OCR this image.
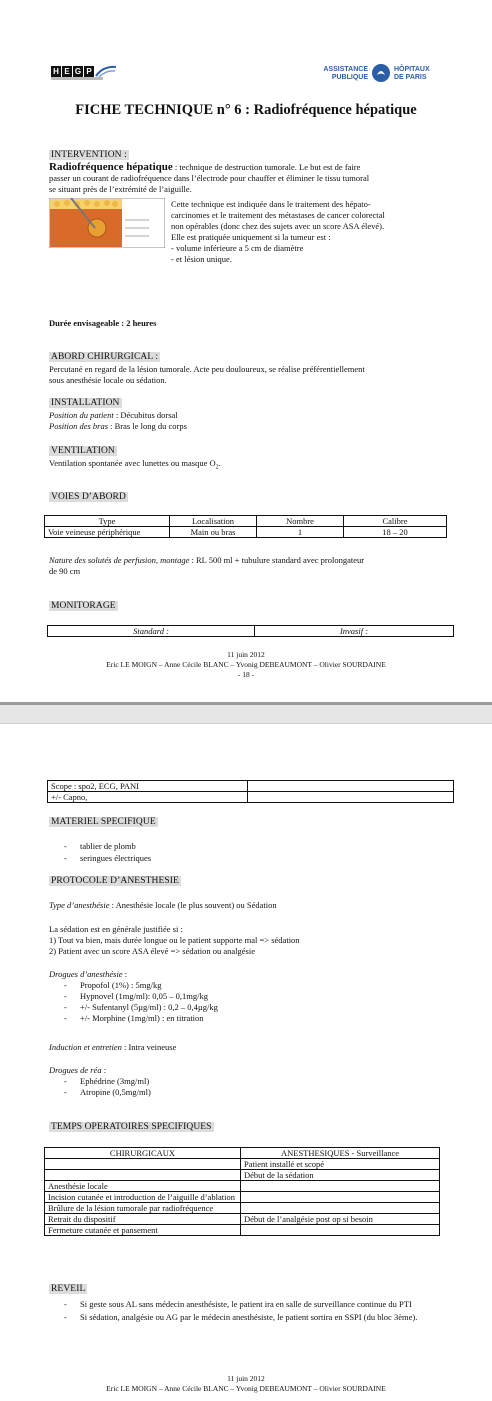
H E G P	ASSISTANCE
PUBLIQUE
HÔPITAUX
DE PARIS
FICHE TECHNIQUE n° 6 : Radiofréquence hépatique
INTERVENTION :
Radiofréquence hépatique : technique de destruction tumorale. Le but est de faire
passer un courant de radiofréquence dans l’électrode pour chauffer et éliminer le tissu tumoral
se situant près de l’extrémité de l’aiguille.
Cette technique est indiquée dans le traitement des hépato-
carcinomes et le traitement des métastases de cancer colorectal
non opérables (donc chez des sujets avec un score ASA élevé).
Elle est pratiquée uniquement si la tumeur est :
- volume inférieure a 5 cm de diamètre
- et lésion unique.
Durée envisageable : 2 heures
ABORD CHIRURGICAL :
Percutané en regard de la lésion tumorale. Acte peu douloureux, se réalise préférentiellement
sous anesthésie locale ou sédation.
INSTALLATION
Position du patient : Décubitus dorsal
Position des bras : Bras le long du corps
VENTILATION
Ventilation spontanée avec lunettes ou masque $O_2$.
VOIES D’ABORD
Type	Localisation	Nombre	Calibre
Voie veineuse périphérique	Main ou bras	1	18 – 20
Nature des solutés de perfusion, montage : RL 500 ml + tubulure standard avec prolongateur
de 90 cm
MONITORAGE
Standard :	Invasif :
11 juin 2012
Eric LE MOIGN – Anne Cécile BLANC – Yvonig DEBEAUMONT – Olivier SOURDAINE
- 18 -
Scope : spo2, ECG, PANI	
+/- Capno,	
MATERIEL SPECIFIQUE
- tablier de plomb
- seringues électriques
PROTOCOLE D’ANESTHESIE
Type d’anesthésie : Anesthésie locale (le plus souvent) ou Sédation
La sédation est en générale justifiée si :
1) Tout va bien, mais durée longue ou le patient supporte mal => sédation
2) Patient avec un score ASA élevé => sédation ou analgésie
Drogues d’anesthésie :
- Propofol (1%) : 5mg/kg
- Hypnovel (1mg/ml): 0,05 – 0,1mg/kg
- +/- Sufentanyl (5µg/ml) : 0,2 – 0,4µg/kg
- +/- Morphine (1mg/ml) : en titration
Induction et entretien : Intra veineuse
Drogues de réa :
- Ephédrine (3mg/ml)
- Atropine (0,5mg/ml)
TEMPS OPERATOIRES SPECIFIQUES
CHIRURGICAUX	ANESTHESIQUES - Surveillance
	Patient installé et scopé
	Début de la sédation
Anesthésie locale	
Incision cutanée et introduction de l’aiguille d’ablation	
Brûlure de la lésion tumorale par radiofréquence	
Retrait du dispositif	Début de l’analgésie post op si besoin
Fermeture cutanée et pansement	
REVEIL
- Si geste sous AL sans médecin anesthésiste, le patient ira en salle de surveillance continue du PTI
- Si sédation, analgésie ou AG par le médecin anesthésiste, le patient sortira en SSPI (du bloc 3ème).
11 juin 2012
Eric LE MOIGN – Anne Cécile BLANC – Yvonig DEBEAUMONT – Olivier SOURDAINE
